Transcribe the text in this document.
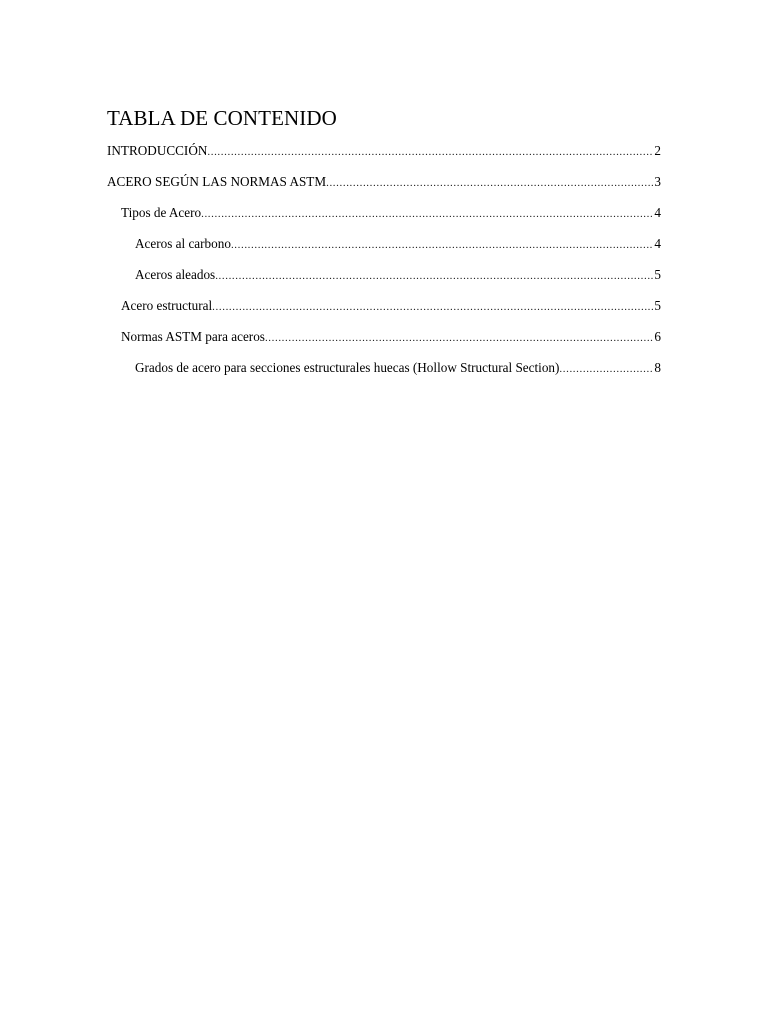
TABLA DE CONTENIDO
INTRODUCCIÓN .....	2
ACERO SEGÚN LAS NORMAS ASTM .....	3
Tipos de Acero .....	4
Aceros al carbono .....	4
Aceros aleados .....	5
Acero estructural .....	5
Normas ASTM para aceros .....	6
Grados de acero para secciones estructurales huecas (Hollow Structural Section) .....	8
